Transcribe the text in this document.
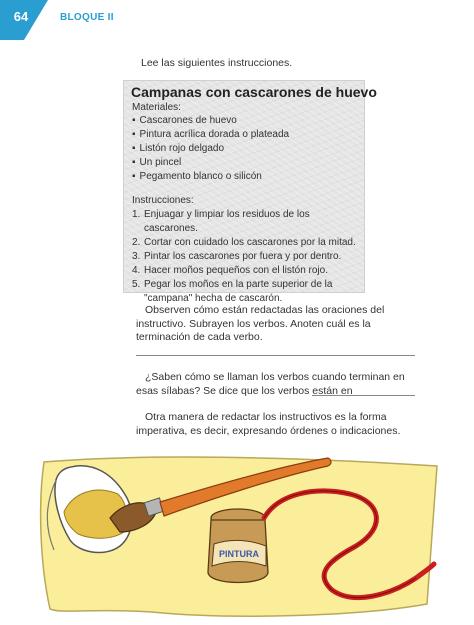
64	BLOQUE II
Lee las siguientes instrucciones.
Campanas con cascarones de huevo
Materiales:
▪ Cascarones de huevo
▪ Pintura acrílica dorada o plateada
▪ Listón rojo delgado
▪ Un pincel
▪ Pegamento blanco o silicón
Instrucciones:
1. Enjuagar y limpiar los residuos de los cascarones.
2. Cortar con cuidado los cascarones por la mitad.
3. Pintar los cascarones por fuera y por dentro.
4. Hacer moños pequeños con el listón rojo.
5. Pegar los moños en la parte superior de la
"campana" hecha de cascarón.
Observen cómo están redactadas las oraciones del instructivo. Subrayen los verbos. Anoten cuál es la terminación de cada verbo.
¿Saben cómo se llaman los verbos cuando terminan en esas sílabas? Se dice que los verbos están en
Otra manera de redactar los instructivos es la forma imperativa, es decir, expresando órdenes o indicaciones.
PINTURA
